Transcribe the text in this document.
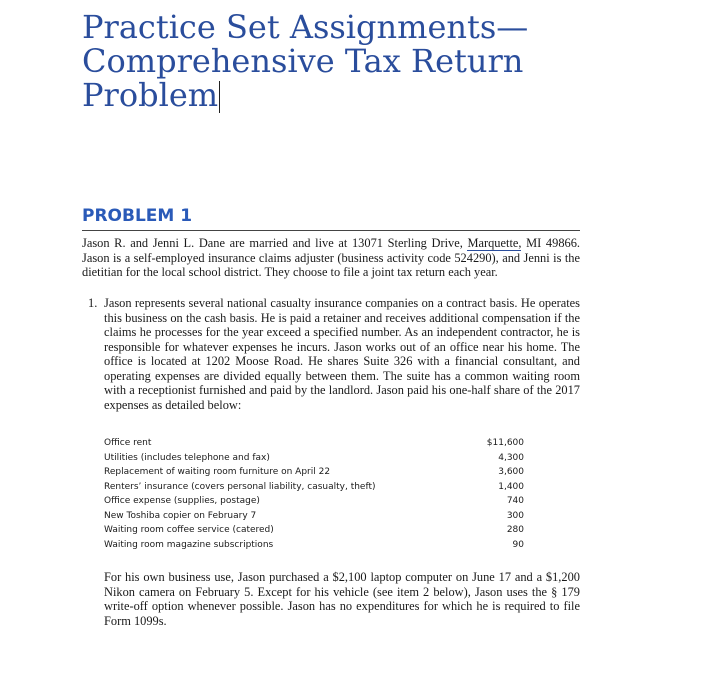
Practice Set Assignments—
Comprehensive Tax Return
Problem
PROBLEM 1

Jason R. and Jenni L. Dane are married and live at 13071 Sterling Drive, Marquette, MI 49866. Jason is a self-employed insurance claims adjuster (business activity code 524290), and Jenni is the dietitian for the local school district. They choose to file a joint tax return each year.

1. Jason represents several national casualty insurance companies on a contract basis. He operates this business on the cash basis. He is paid a retainer and receives additional compensation if the claims he processes for the year exceed a specified number. As an independent contractor, he is responsible for whatever expenses he incurs. Jason works out of an office near his home. The office is located at 1202 Moose Road. He shares Suite 326 with a financial consultant, and operating expenses are divided equally between them. The suite has a common waiting room with a receptionist furnished and paid by the landlord. Jason paid his one-half share of the 2017 expenses as detailed below:
Office rent	$11,600
Utilities (includes telephone and fax)	4,300
Replacement of waiting room furniture on April 22	3,600
Renters’ insurance (covers personal liability, casualty, theft)	1,400
Office expense (supplies, postage)	740
New Toshiba copier on February 7	300
Waiting room coffee service (catered)	280
Waiting room magazine subscriptions	90

For his own business use, Jason purchased a $2,100 laptop computer on June 17 and a $1,200 Nikon camera on February 5. Except for his vehicle (see item 2 below), Jason uses the § 179 write-off option whenever possible. Jason has no expenditures for which he is required to file Form 1099s.
